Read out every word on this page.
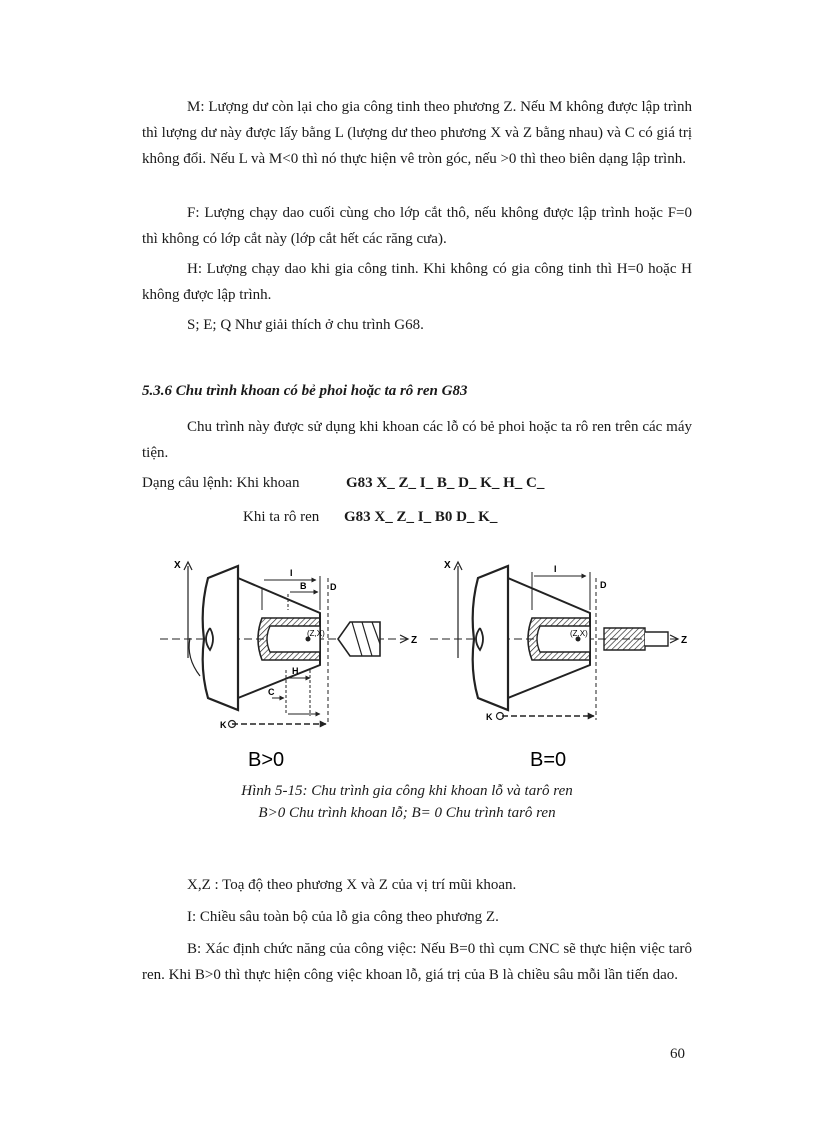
M: Lượng dư còn lại cho gia công tinh theo phương Z. Nếu M không được lập trình thì lượng dư này được lấy bằng L (lượng dư theo phương X và Z bằng nhau) và C có giá trị không đổi. Nếu L và M<0 thì nó thực hiện vê tròn góc, nếu >0 thì theo biên dạng lập trình.

F: Lượng chạy dao cuối cùng cho lớp cắt thô, nếu không được lập trình hoặc F=0 thì không có lớp cắt này (lớp cắt hết các răng cưa).

H: Lượng chạy dao khi gia công tinh. Khi không có gia công tinh thì H=0 hoặc H không được lập trình.

S; E; Q Như giải thích ở chu trình G68.

5.3.6 Chu trình khoan có bẻ phoi hoặc ta rô ren G83

Chu trình này được sử dụng khi khoan các lỗ có bẻ phoi hoặc ta rô ren trên các máy tiện.

Dạng câu lệnh: Khi khoan	G83 X_ Z_ I_ B_ D_ K_ H_ C_
Khi ta rô ren G83 X_ Z_ I_ B0 D_ K_
X
Z
(Z,X)
I
B	D
H
C
K
B>0
X
Z
(Z,X)
I
D
K
B=0
Hình 5-15: Chu trình gia công khi khoan lỗ và tarô ren
B>0 Chu trình khoan lỗ; B= 0 Chu trình tarô ren

X,Z : Toạ độ theo phương X và Z của vị trí mũi khoan.

I: Chiều sâu toàn bộ của lỗ gia công theo phương Z.

B: Xác định chức năng của công việc: Nếu B=0 thì cụm CNC sẽ thực hiện việc tarô ren. Khi B>0 thì thực hiện công việc khoan lỗ, giá trị của B là chiều sâu mỗi lần tiến dao.

60
